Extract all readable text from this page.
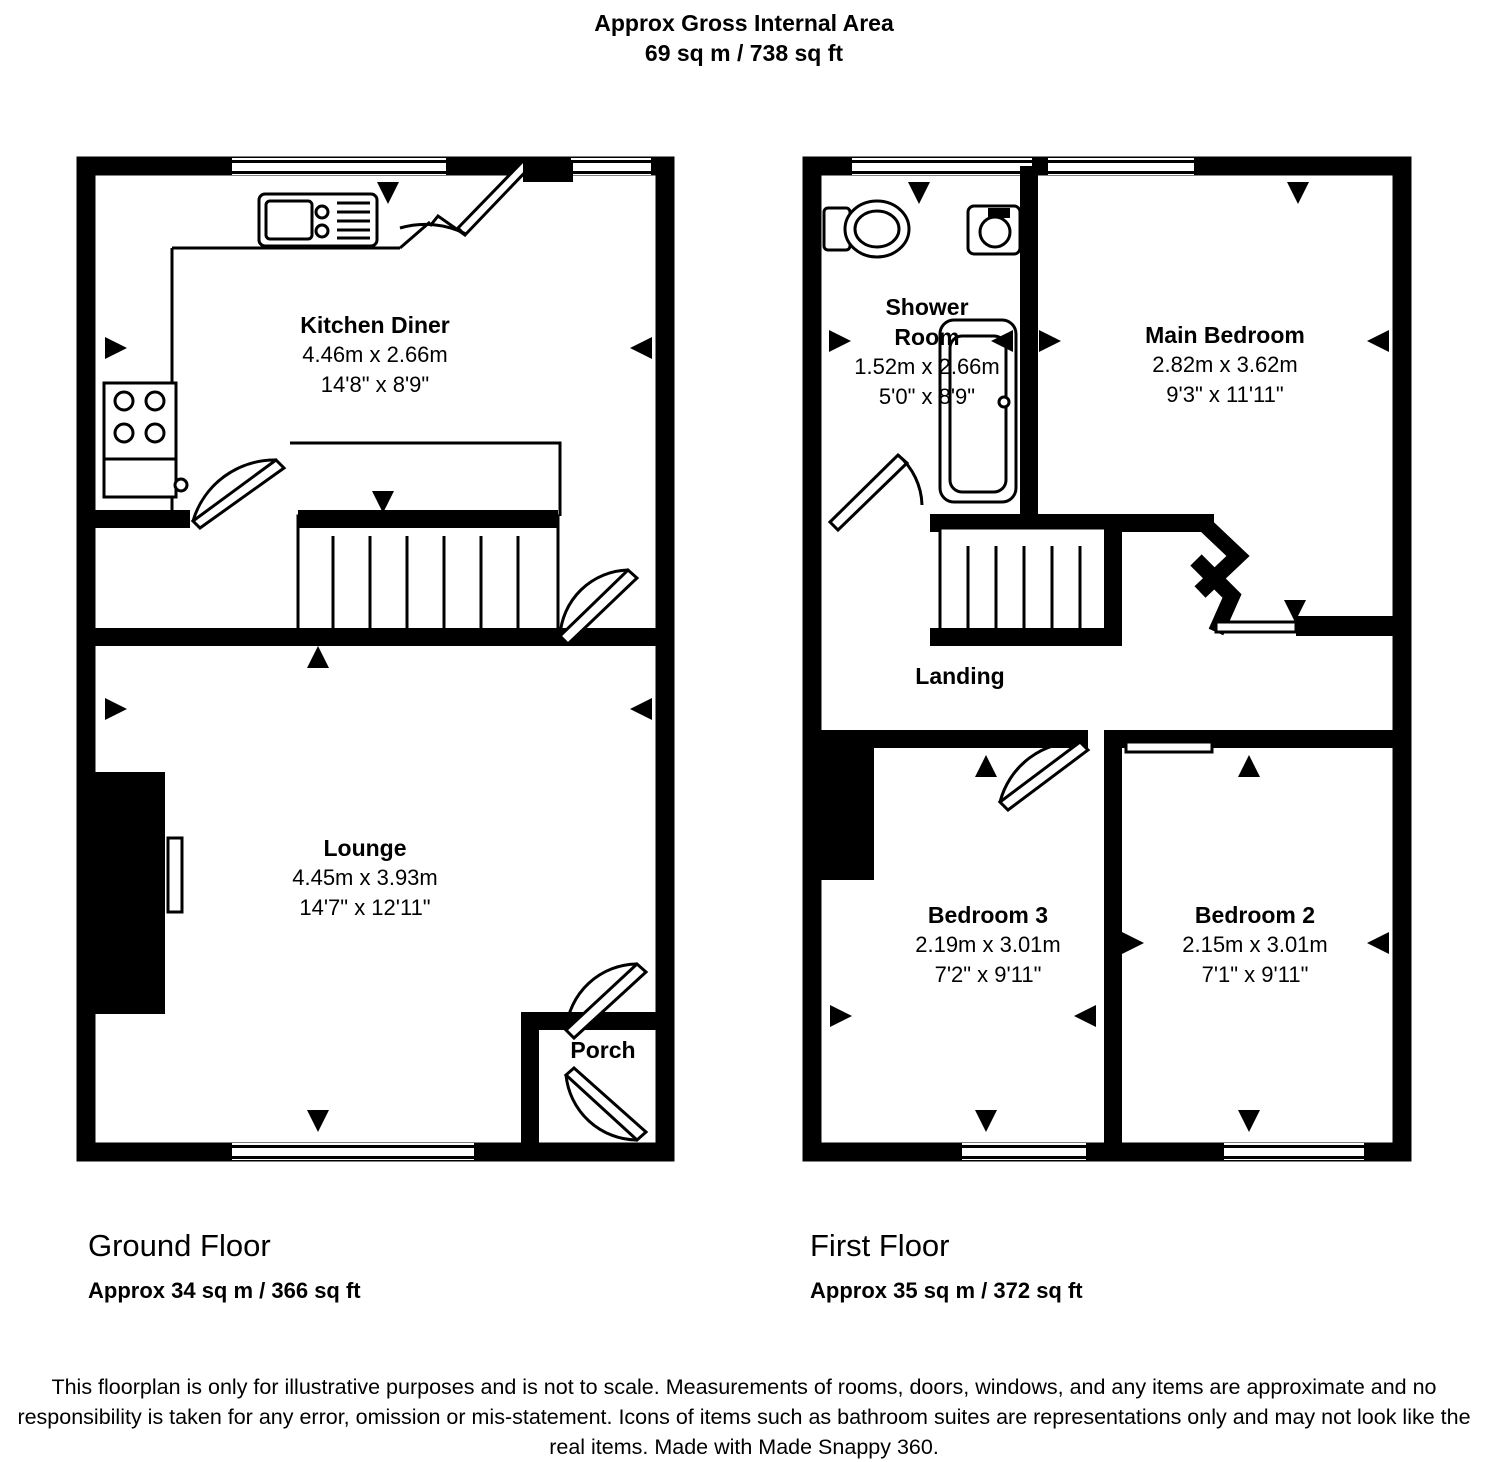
Approx Gross Internal Area
69 sq m / 738 sq ft
Kitchen Diner
4.46m x 2.66m
14'8" x 8'9"
Lounge
4.45m x 3.93m
14'7" x 12'11"
Porch
Shower
Room
1.52m x 2.66m
5'0" x 8'9"
Main Bedroom
2.82m x 3.62m
9'3" x 11'11"
Landing
Bedroom 3
2.19m x 3.01m
7'2" x 9'11"
Bedroom 2
2.15m x 3.01m
7'1" x 9'11"
Ground Floor
Approx 34 sq m / 366 sq ft
First Floor
Approx 35 sq m / 372 sq ft
This floorplan is only for illustrative purposes and is not to scale. Measurements of rooms, doors, windows, and any items are approximate and no responsibility is taken for any error, omission or mis-statement. Icons of items such as bathroom suites are representations only and may not look like the real items. Made with Made Snappy 360.
